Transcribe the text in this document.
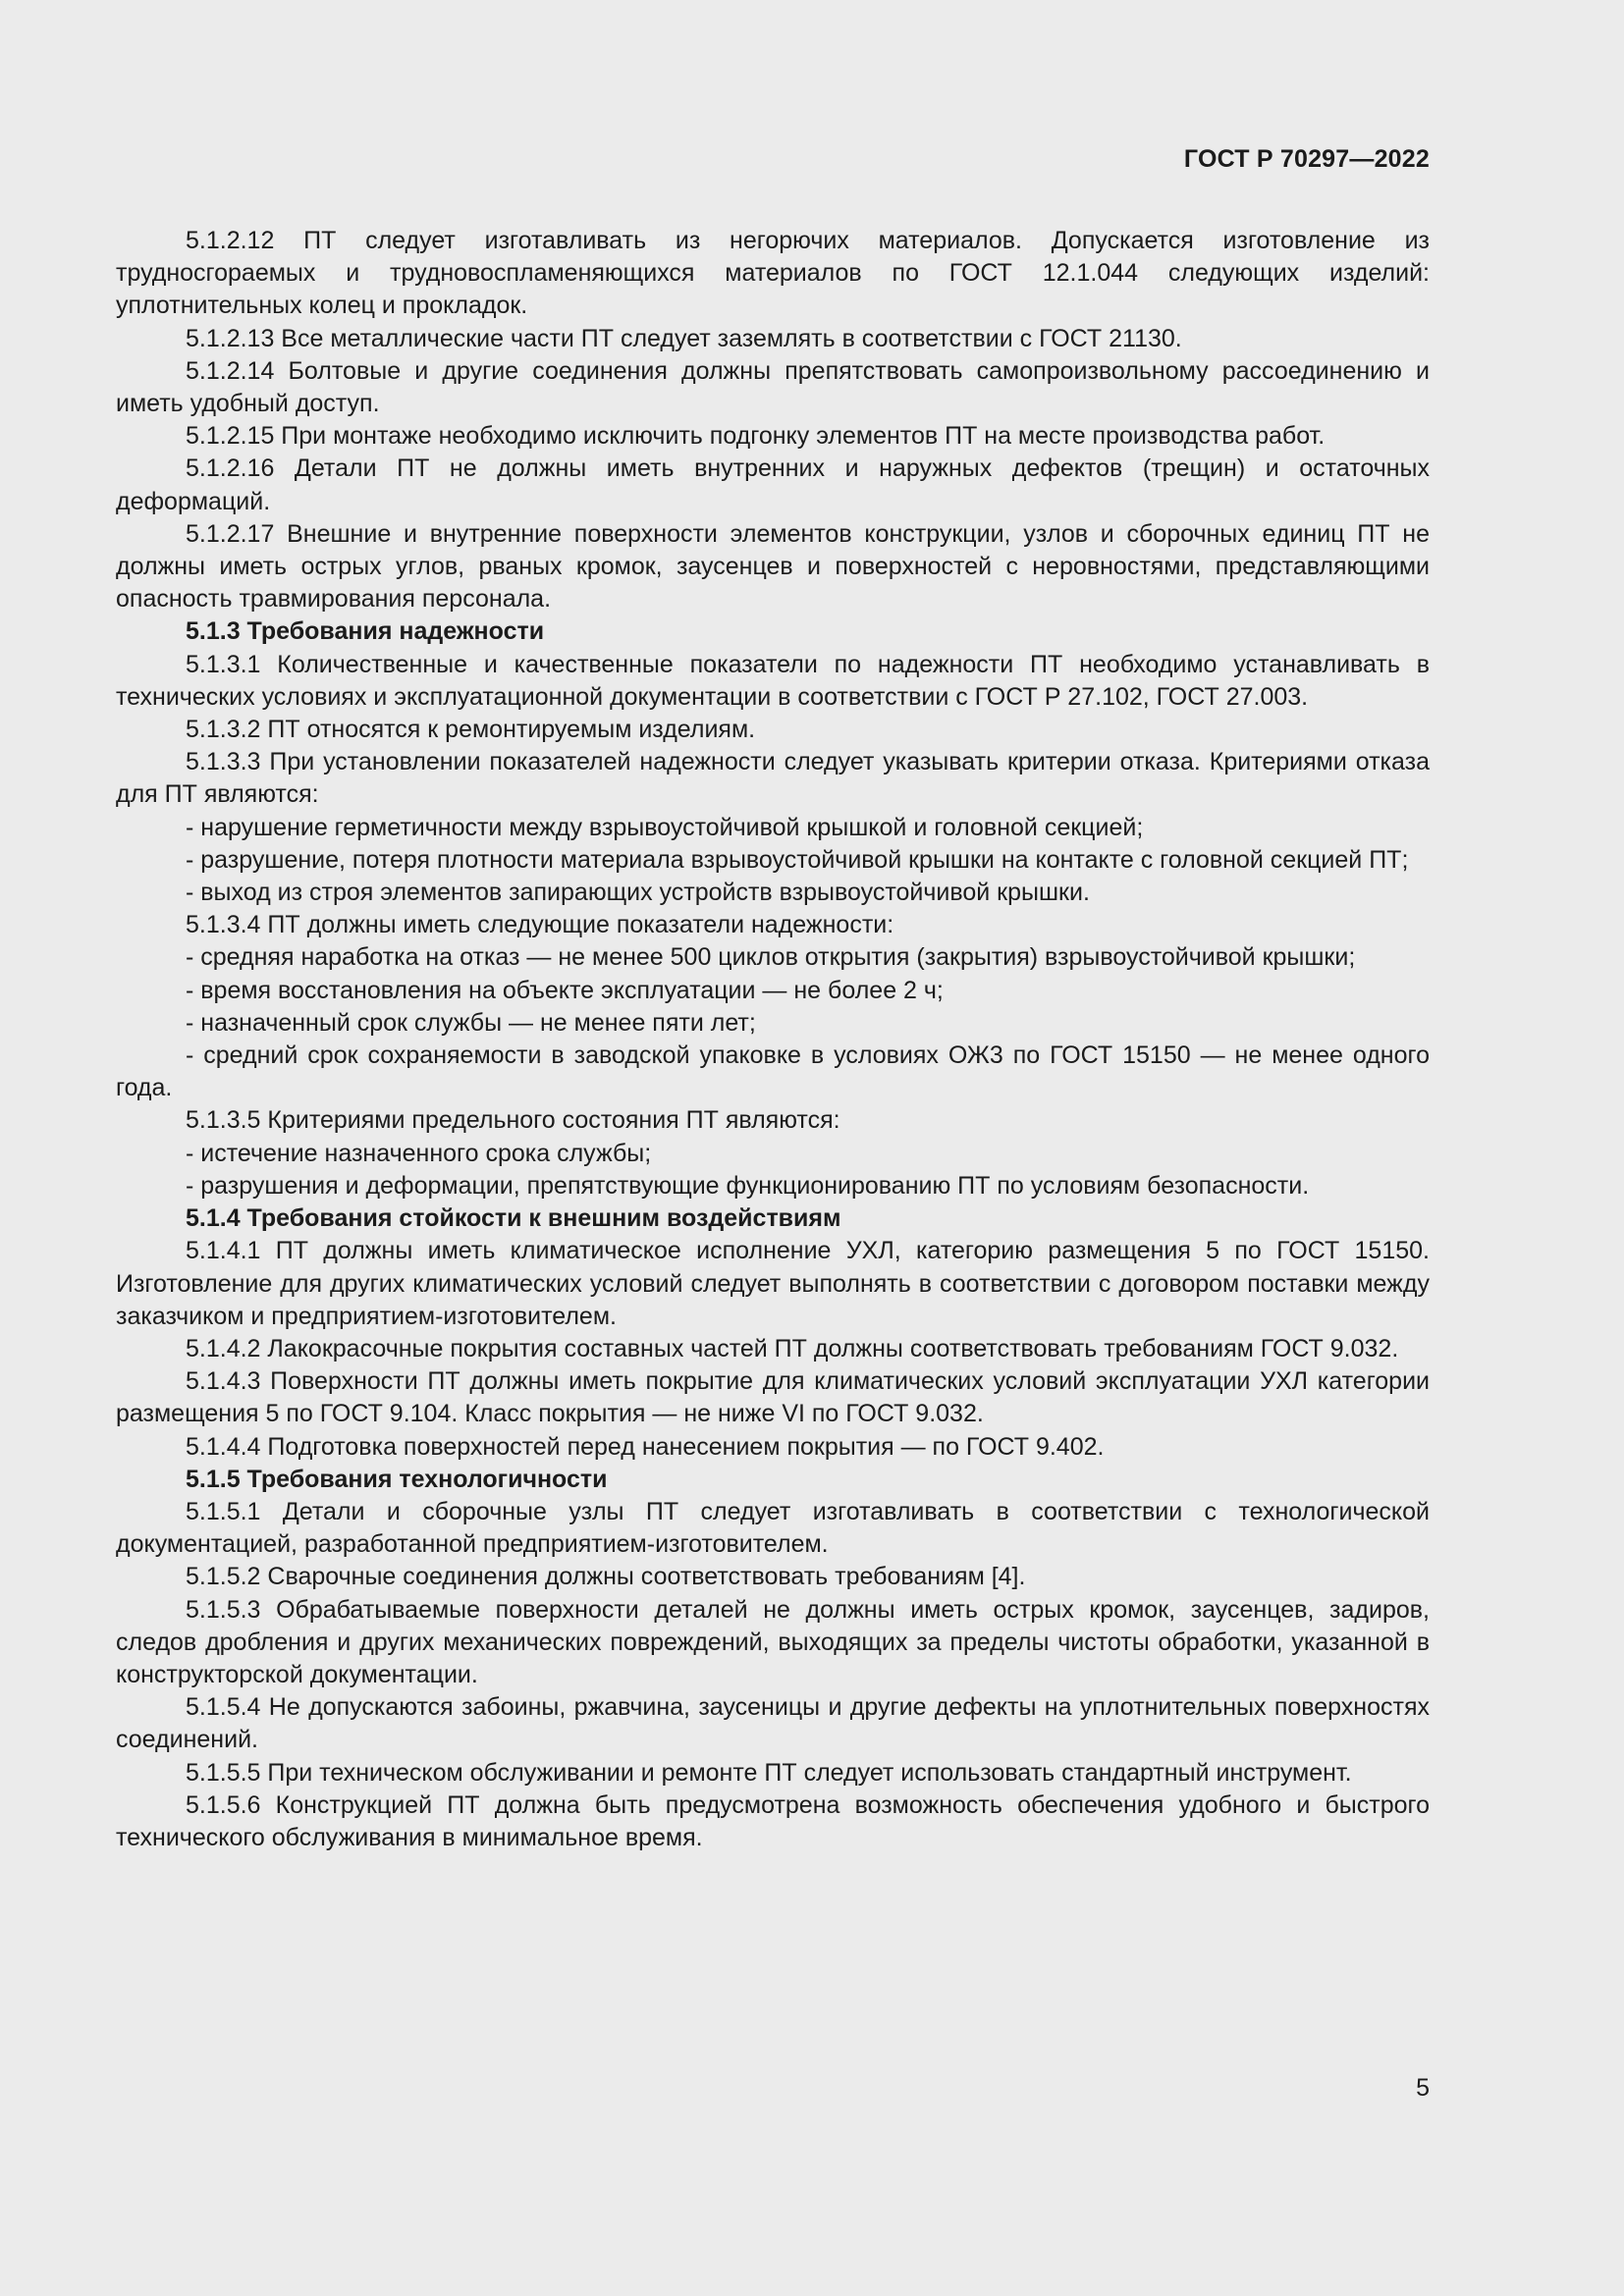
ГОСТ Р 70297—2022

5.1.2.12 ПТ следует изготавливать из негорючих материалов. Допускается изготовление из трудносгораемых и трудновоспламеняющихся материалов по ГОСТ 12.1.044 следующих изделий: уплотнительных колец и прокладок.

5.1.2.13 Все металлические части ПТ следует заземлять в соответствии с ГОСТ 21130.

5.1.2.14 Болтовые и другие соединения должны препятствовать самопроизвольному рассоединению и иметь удобный доступ.

5.1.2.15 При монтаже необходимо исключить подгонку элементов ПТ на месте производства работ.

5.1.2.16 Детали ПТ не должны иметь внутренних и наружных дефектов (трещин) и остаточных деформаций.

5.1.2.17 Внешние и внутренние поверхности элементов конструкции, узлов и сборочных единиц ПТ не должны иметь острых углов, рваных кромок, заусенцев и поверхностей с неровностями, представляющими опасность травмирования персонала.

5.1.3 Требования надежности

5.1.3.1 Количественные и качественные показатели по надежности ПТ необходимо устанавливать в технических условиях и эксплуатационной документации в соответствии с ГОСТ Р 27.102, ГОСТ 27.003.

5.1.3.2 ПТ относятся к ремонтируемым изделиям.

5.1.3.3 При установлении показателей надежности следует указывать критерии отказа. Критериями отказа для ПТ являются:

- нарушение герметичности между взрывоустойчивой крышкой и головной секцией;

- разрушение, потеря плотности материала взрывоустойчивой крышки на контакте с головной секцией ПТ;

- выход из строя элементов запирающих устройств взрывоустойчивой крышки.

5.1.3.4 ПТ должны иметь следующие показатели надежности:

- средняя наработка на отказ — не менее 500 циклов открытия (закрытия) взрывоустойчивой крышки;

- время восстановления на объекте эксплуатации — не более 2 ч;

- назначенный срок службы — не менее пяти лет;

- средний срок сохраняемости в заводской упаковке в условиях ОЖ3 по ГОСТ 15150 — не менее одного года.

5.1.3.5 Критериями предельного состояния ПТ являются:

- истечение назначенного срока службы;

- разрушения и деформации, препятствующие функционированию ПТ по условиям безопасности.

5.1.4 Требования стойкости к внешним воздействиям

5.1.4.1 ПТ должны иметь климатическое исполнение УХЛ, категорию размещения 5 по ГОСТ 15150. Изготовление для других климатических условий следует выполнять в соответствии с договором поставки между заказчиком и предприятием-изготовителем.

5.1.4.2 Лакокрасочные покрытия составных частей ПТ должны соответствовать требованиям ГОСТ 9.032.

5.1.4.3 Поверхности ПТ должны иметь покрытие для климатических условий эксплуатации УХЛ категории размещения 5 по ГОСТ 9.104. Класс покрытия — не ниже VI по ГОСТ 9.032.

5.1.4.4 Подготовка поверхностей перед нанесением покрытия — по ГОСТ 9.402.

5.1.5 Требования технологичности

5.1.5.1 Детали и сборочные узлы ПТ следует изготавливать в соответствии с технологической документацией, разработанной предприятием-изготовителем.

5.1.5.2 Сварочные соединения должны соответствовать требованиям [4].

5.1.5.3 Обрабатываемые поверхности деталей не должны иметь острых кромок, заусенцев, задиров, следов дробления и других механических повреждений, выходящих за пределы чистоты обработки, указанной в конструкторской документации.

5.1.5.4 Не допускаются забоины, ржавчина, заусеницы и другие дефекты на уплотнительных поверхностях соединений.

5.1.5.5 При техническом обслуживании и ремонте ПТ следует использовать стандартный инструмент.

5.1.5.6 Конструкцией ПТ должна быть предусмотрена возможность обеспечения удобного и быстрого технического обслуживания в минимальное время.

5
